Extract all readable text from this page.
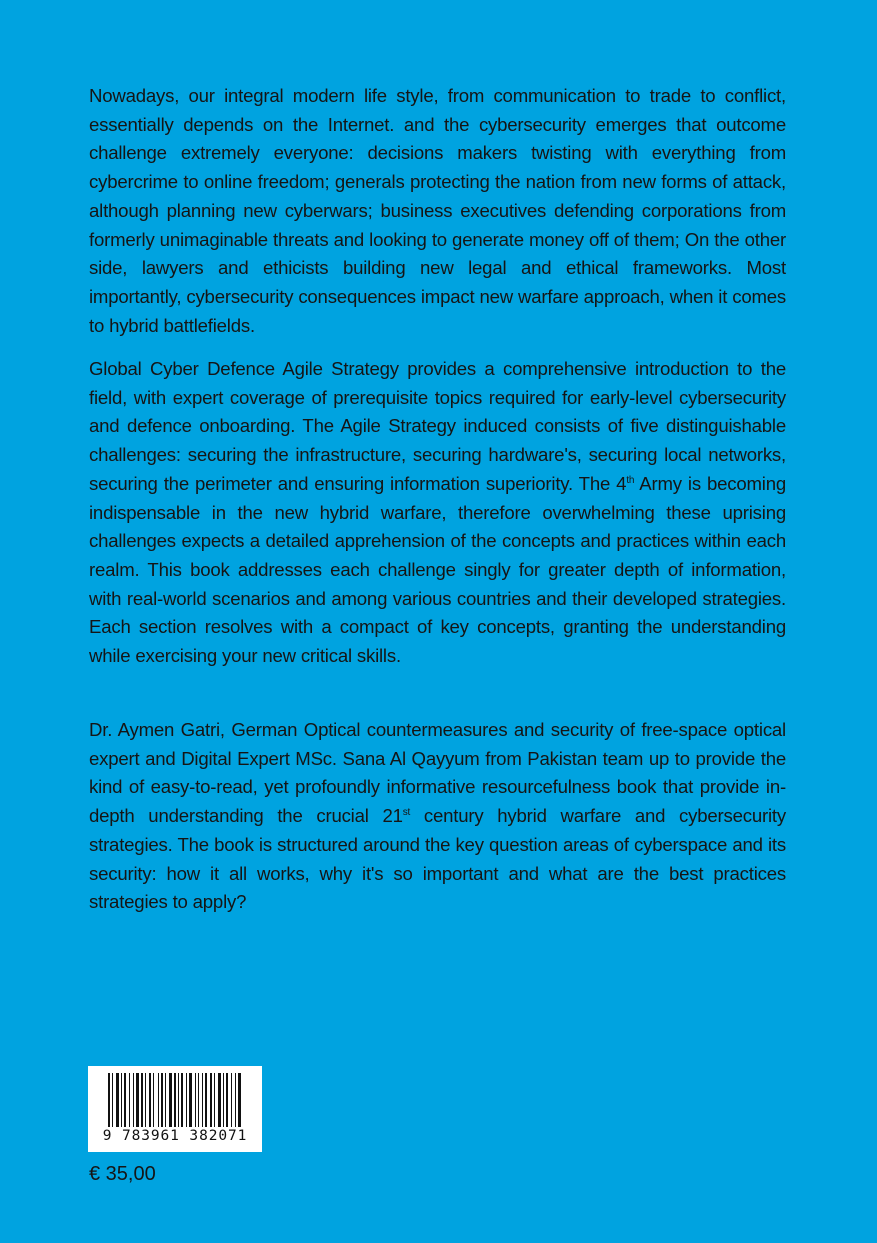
Nowadays, our integral modern life style, from communication to trade to conflict, essentially depends on the Internet. and the cybersecurity emerges that outcome challenge extremely everyone: decisions makers twisting with everything from cybercrime to online freedom; generals protecting the nation from new forms of attack, although planning new cyberwars; business executives defending corporations from formerly unimaginable threats and looking to generate money off of them; On the other side, lawyers and ethicists building new legal and ethical frameworks. Most importantly, cybersecurity consequences impact new warfare approach, when it comes to hybrid battlefields.
Global Cyber Defence Agile Strategy provides a comprehensive introduction to the field, with expert coverage of prerequisite topics required for early-level cybersecurity and defence onboarding. The Agile Strategy induced consists of five distinguishable challenges: securing the infrastructure, securing hardware's, securing local networks, securing the perimeter and ensuring information superiority. The 4th Army is becoming indispensable in the new hybrid warfare, therefore overwhelming these uprising challenges expects a detailed apprehension of the concepts and practices within each realm. This book addresses each challenge singly for greater depth of information, with real-world scenarios and among various countries and their developed strategies. Each section resolves with a compact of key concepts, granting the understanding while exercising your new critical skills.
Dr. Aymen Gatri, German Optical countermeasures and security of free-space optical expert and Digital Expert MSc. Sana Al Qayyum from Pakistan team up to provide the kind of easy-to-read, yet profoundly informative resourcefulness book that provide in-depth understanding the crucial 21st century hybrid warfare and cybersecurity strategies. The book is structured around the key question areas of cyberspace and its security: how it all works, why it's so important and what are the best practices strategies to apply?
9 783961 382071
€ 35,00
